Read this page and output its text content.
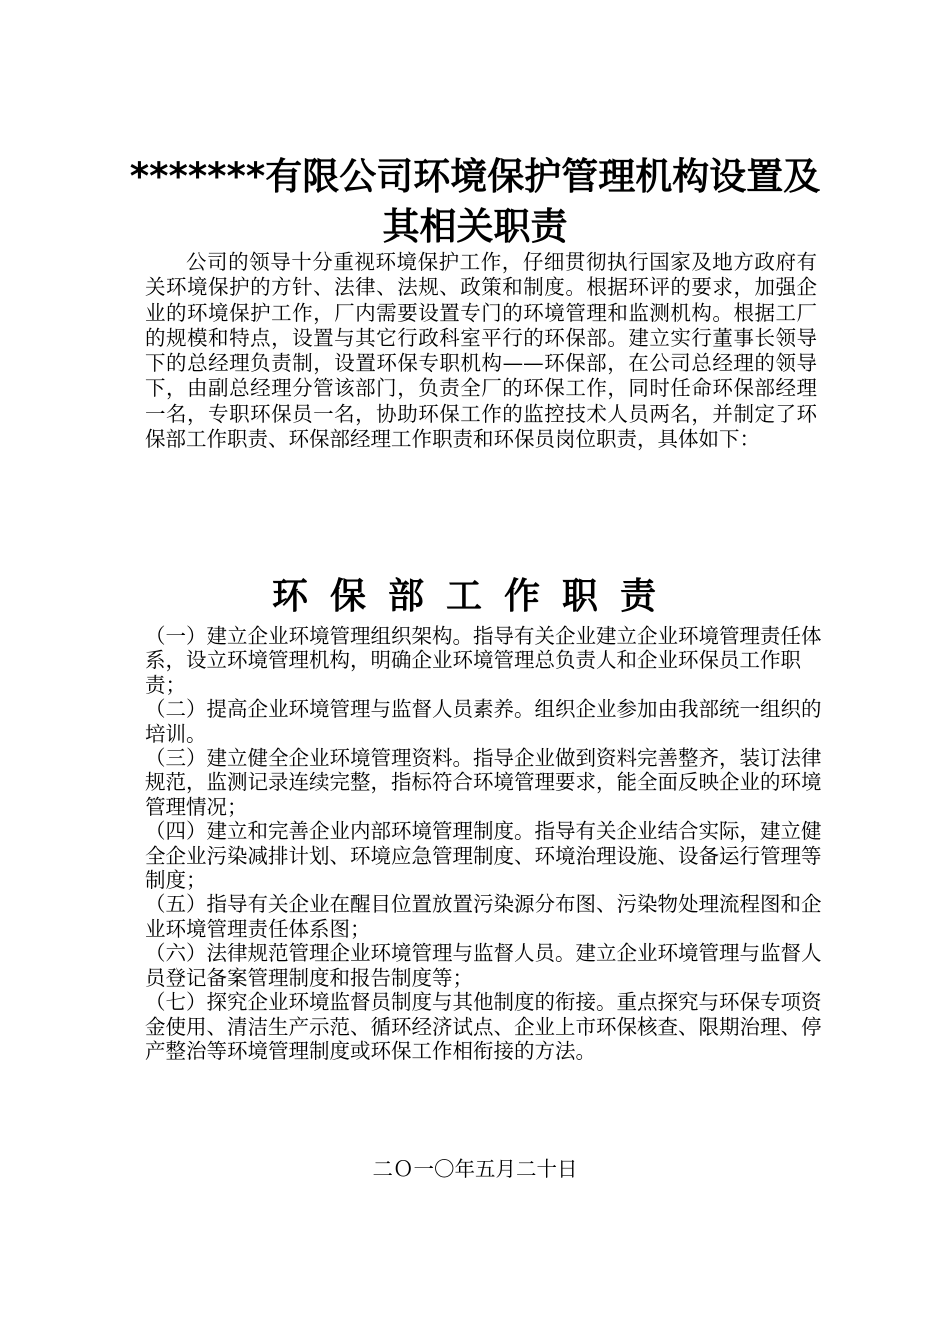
*******有限公司环境保护管理机构设置及其相关职责

公司的领导十分重视环境保护工作，仔细贯彻执行国家及地方政府有关环境保护的方针、法律、法规、政策和制度。根据环评的要求，加强企业的环境保护工作，厂内需要设置专门的环境管理和监测机构。根据工厂的规模和特点，设置与其它行政科室平行的环保部。建立实行董事长领导下的总经理负责制，设置环保专职机构——环保部，在公司总经理的领导下，由副总经理分管该部门，负责全厂的环保工作，同时任命环保部经理一名，专职环保员一名，协助环保工作的监控技术人员两名，并制定了环保部工作职责、环保部经理工作职责和环保员岗位职责，具体如下：

环保部工作职责
（一）建立企业环境管理组织架构。指导有关企业建立企业环境管理责任体系，设立环境管理机构，明确企业环境管理总负责人和企业环保员工作职责；
（二）提高企业环境管理与监督人员素养。组织企业参加由我部统一组织的培训。
（三）建立健全企业环境管理资料。指导企业做到资料完善整齐，装订法律规范，监测记录连续完整，指标符合环境管理要求，能全面反映企业的环境管理情况；
（四）建立和完善企业内部环境管理制度。指导有关企业结合实际，建立健全企业污染减排计划、环境应急管理制度、环境治理设施、设备运行管理等制度；
（五）指导有关企业在醒目位置放置污染源分布图、污染物处理流程图和企业环境管理责任体系图；
（六）法律规范管理企业环境管理与监督人员。建立企业环境管理与监督人员登记备案管理制度和报告制度等；
（七）探究企业环境监督员制度与其他制度的衔接。重点探究与环保专项资金使用、清洁生产示范、循环经济试点、企业上市环保核查、限期治理、停产整治等环境管理制度或环保工作相衔接的方法。

二Ｏ一〇年五月二十日
